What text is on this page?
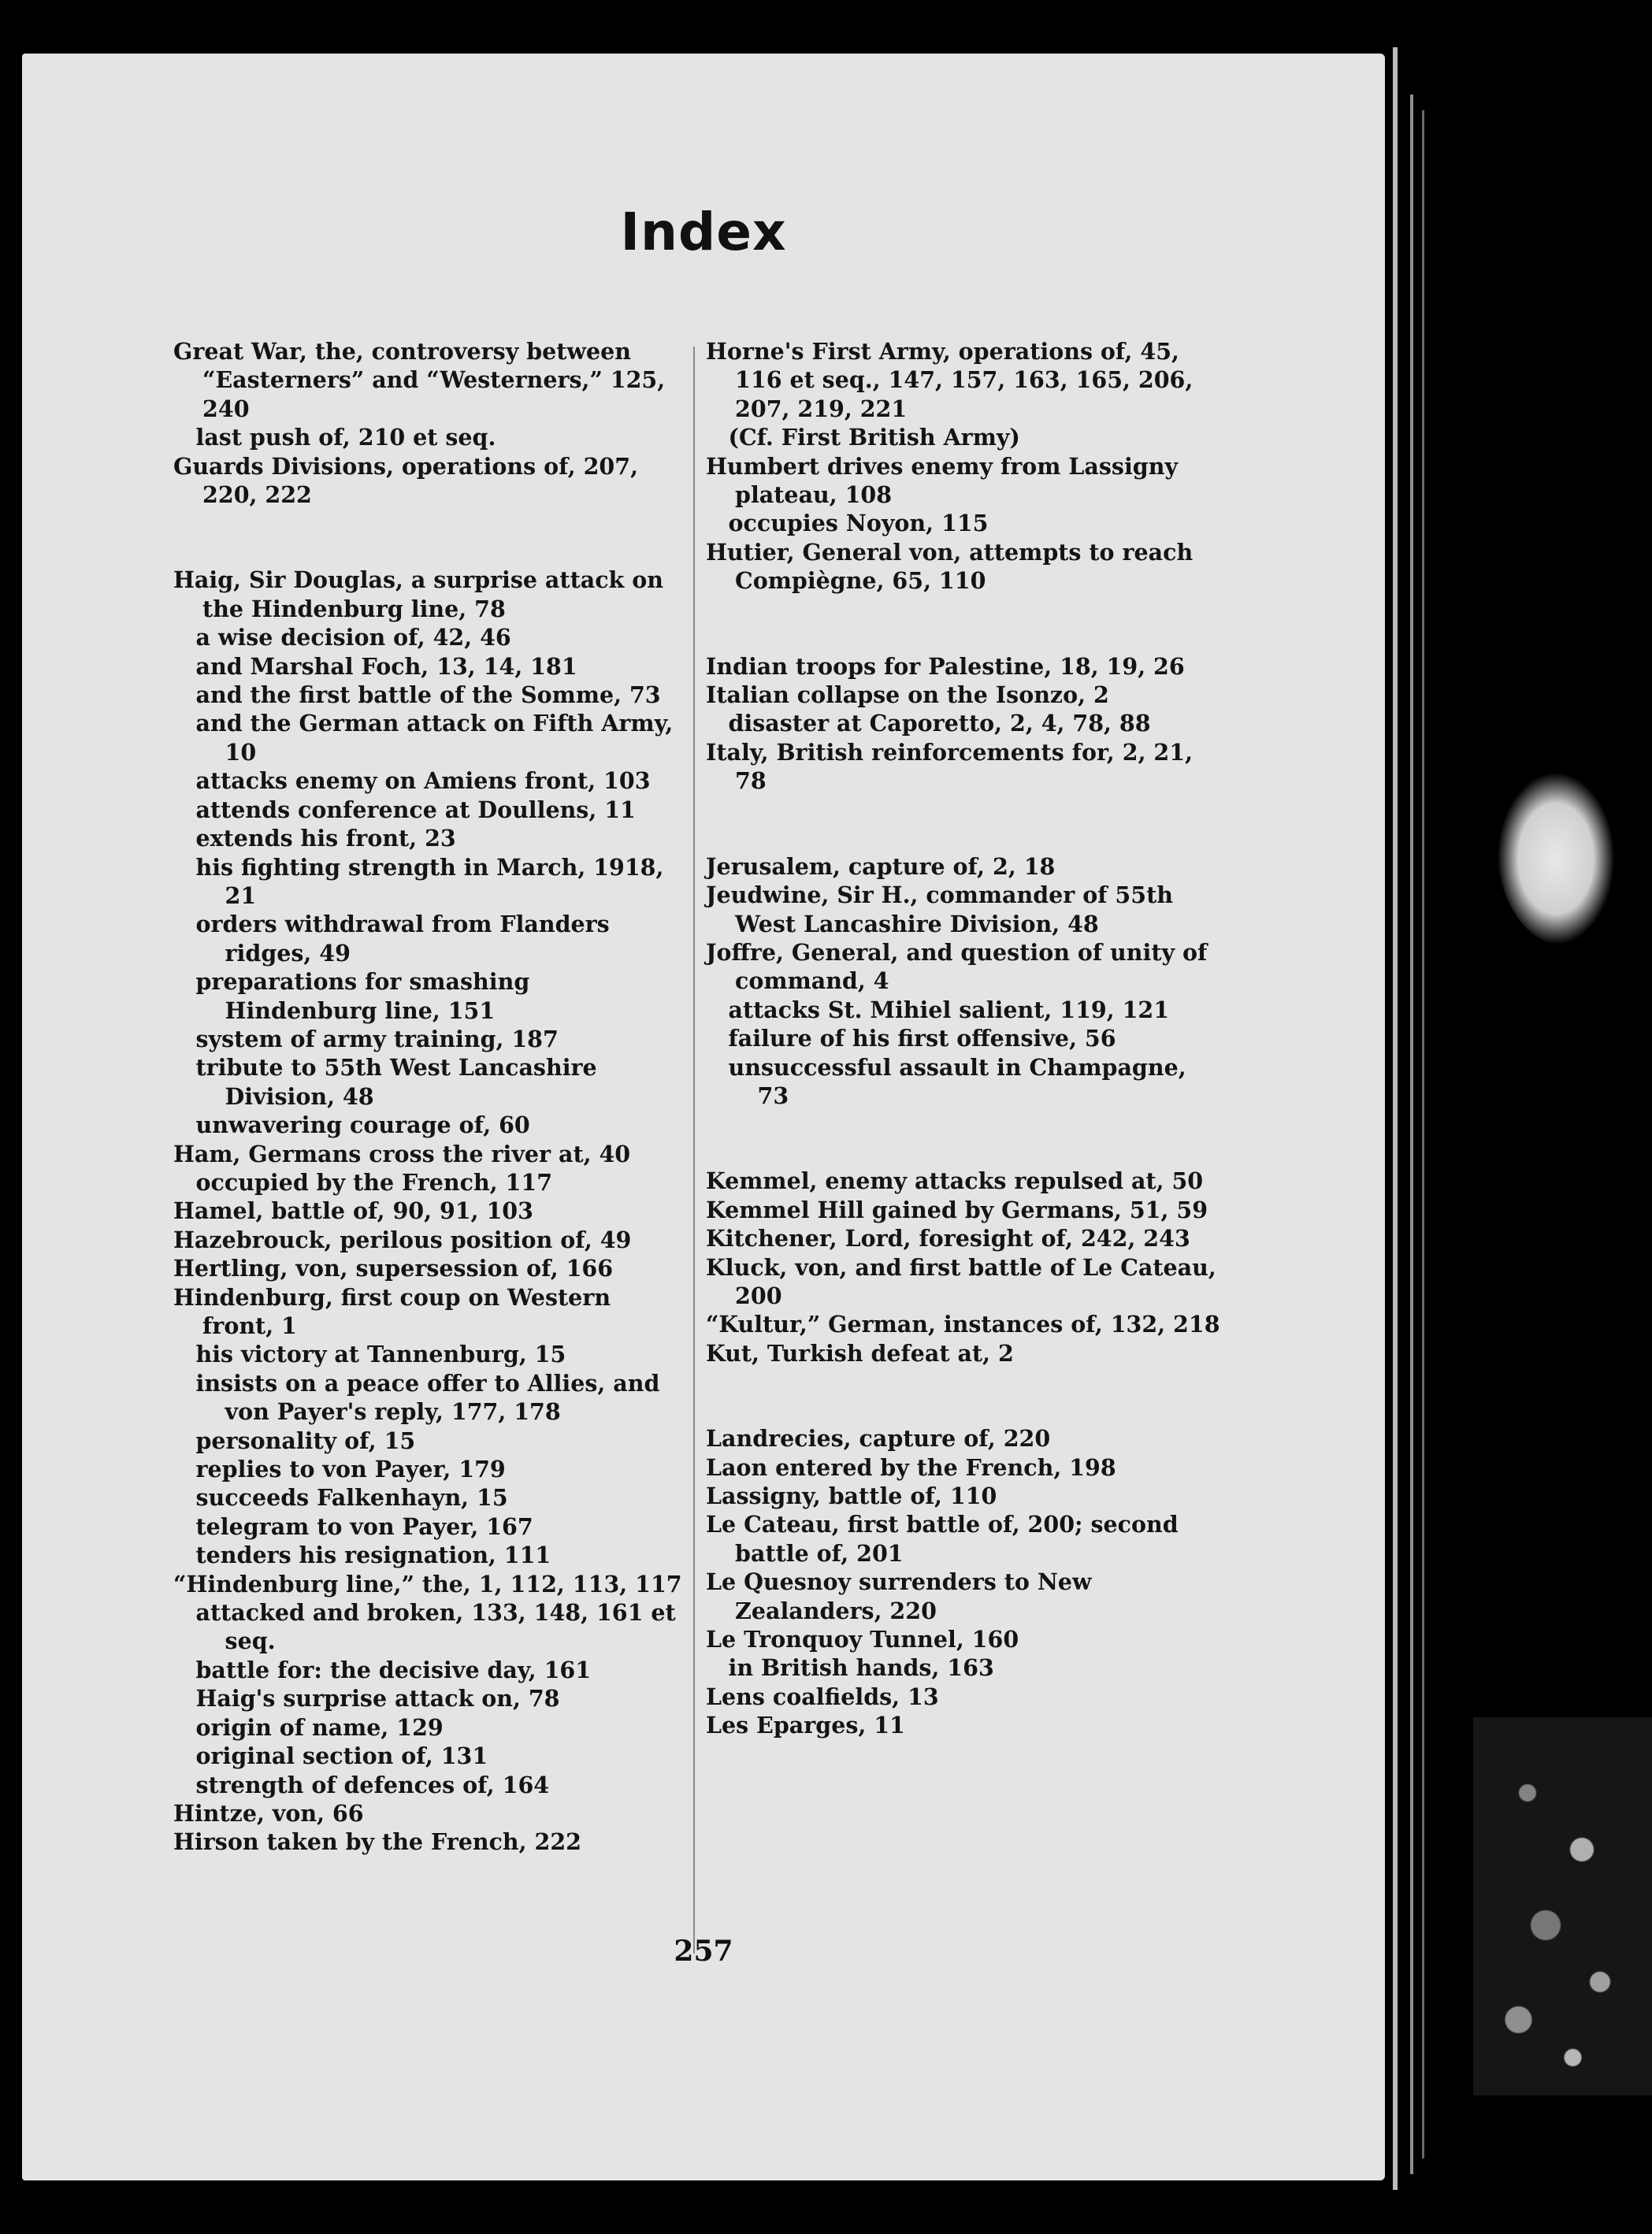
Index
Great War, the, controversy between “Easterners” and “Westerners,” 125, 240
last push of, 210 et seq.
Guards Divisions, operations of, 207, 220, 222
Haig, Sir Douglas, a surprise attack on the Hindenburg line, 78
a wise decision of, 42, 46
and Marshal Foch, 13, 14, 181
and the first battle of the Somme, 73
and the German attack on Fifth Army, 10
attacks enemy on Amiens front, 103
attends conference at Doullens, 11
extends his front, 23
his fighting strength in March, 1918, 21
orders withdrawal from Flanders ridges, 49
preparations for smashing Hindenburg line, 151
system of army training, 187
tribute to 55th West Lancashire Division, 48
unwavering courage of, 60
Ham, Germans cross the river at, 40
occupied by the French, 117
Hamel, battle of, 90, 91, 103
Hazebrouck, perilous position of, 49
Hertling, von, supersession of, 166
Hindenburg, first coup on Western front, 1
his victory at Tannenburg, 15
insists on a peace offer to Allies, and von Payer's reply, 177, 178
personality of, 15
replies to von Payer, 179
succeeds Falkenhayn, 15
telegram to von Payer, 167
tenders his resignation, 111
“Hindenburg line,” the, 1, 112, 113, 117
attacked and broken, 133, 148, 161 et seq.
battle for: the decisive day, 161
Haig's surprise attack on, 78
origin of name, 129
original section of, 131
strength of defences of, 164
Hintze, von, 66
Hirson taken by the French, 222
Horne's First Army, operations of, 45, 116 et seq., 147, 157, 163, 165, 206, 207, 219, 221
(Cf. First British Army)
Humbert drives enemy from Lassigny plateau, 108
occupies Noyon, 115
Hutier, General von, attempts to reach Compiègne, 65, 110
Indian troops for Palestine, 18, 19, 26
Italian collapse on the Isonzo, 2
disaster at Caporetto, 2, 4, 78, 88
Italy, British reinforcements for, 2, 21, 78
Jerusalem, capture of, 2, 18
Jeudwine, Sir H., commander of 55th West Lancashire Division, 48
Joffre, General, and question of unity of command, 4
attacks St. Mihiel salient, 119, 121
failure of his first offensive, 56
unsuccessful assault in Champagne, 73
Kemmel, enemy attacks repulsed at, 50
Kemmel Hill gained by Germans, 51, 59
Kitchener, Lord, foresight of, 242, 243
Kluck, von, and first battle of Le Cateau, 200
“Kultur,” German, instances of, 132, 218
Kut, Turkish defeat at, 2
Landrecies, capture of, 220
Laon entered by the French, 198
Lassigny, battle of, 110
Le Cateau, first battle of, 200; second battle of, 201
Le Quesnoy surrenders to New Zealanders, 220
Le Tronquoy Tunnel, 160
in British hands, 163
Lens coalfields, 13
Les Eparges, 11
257
